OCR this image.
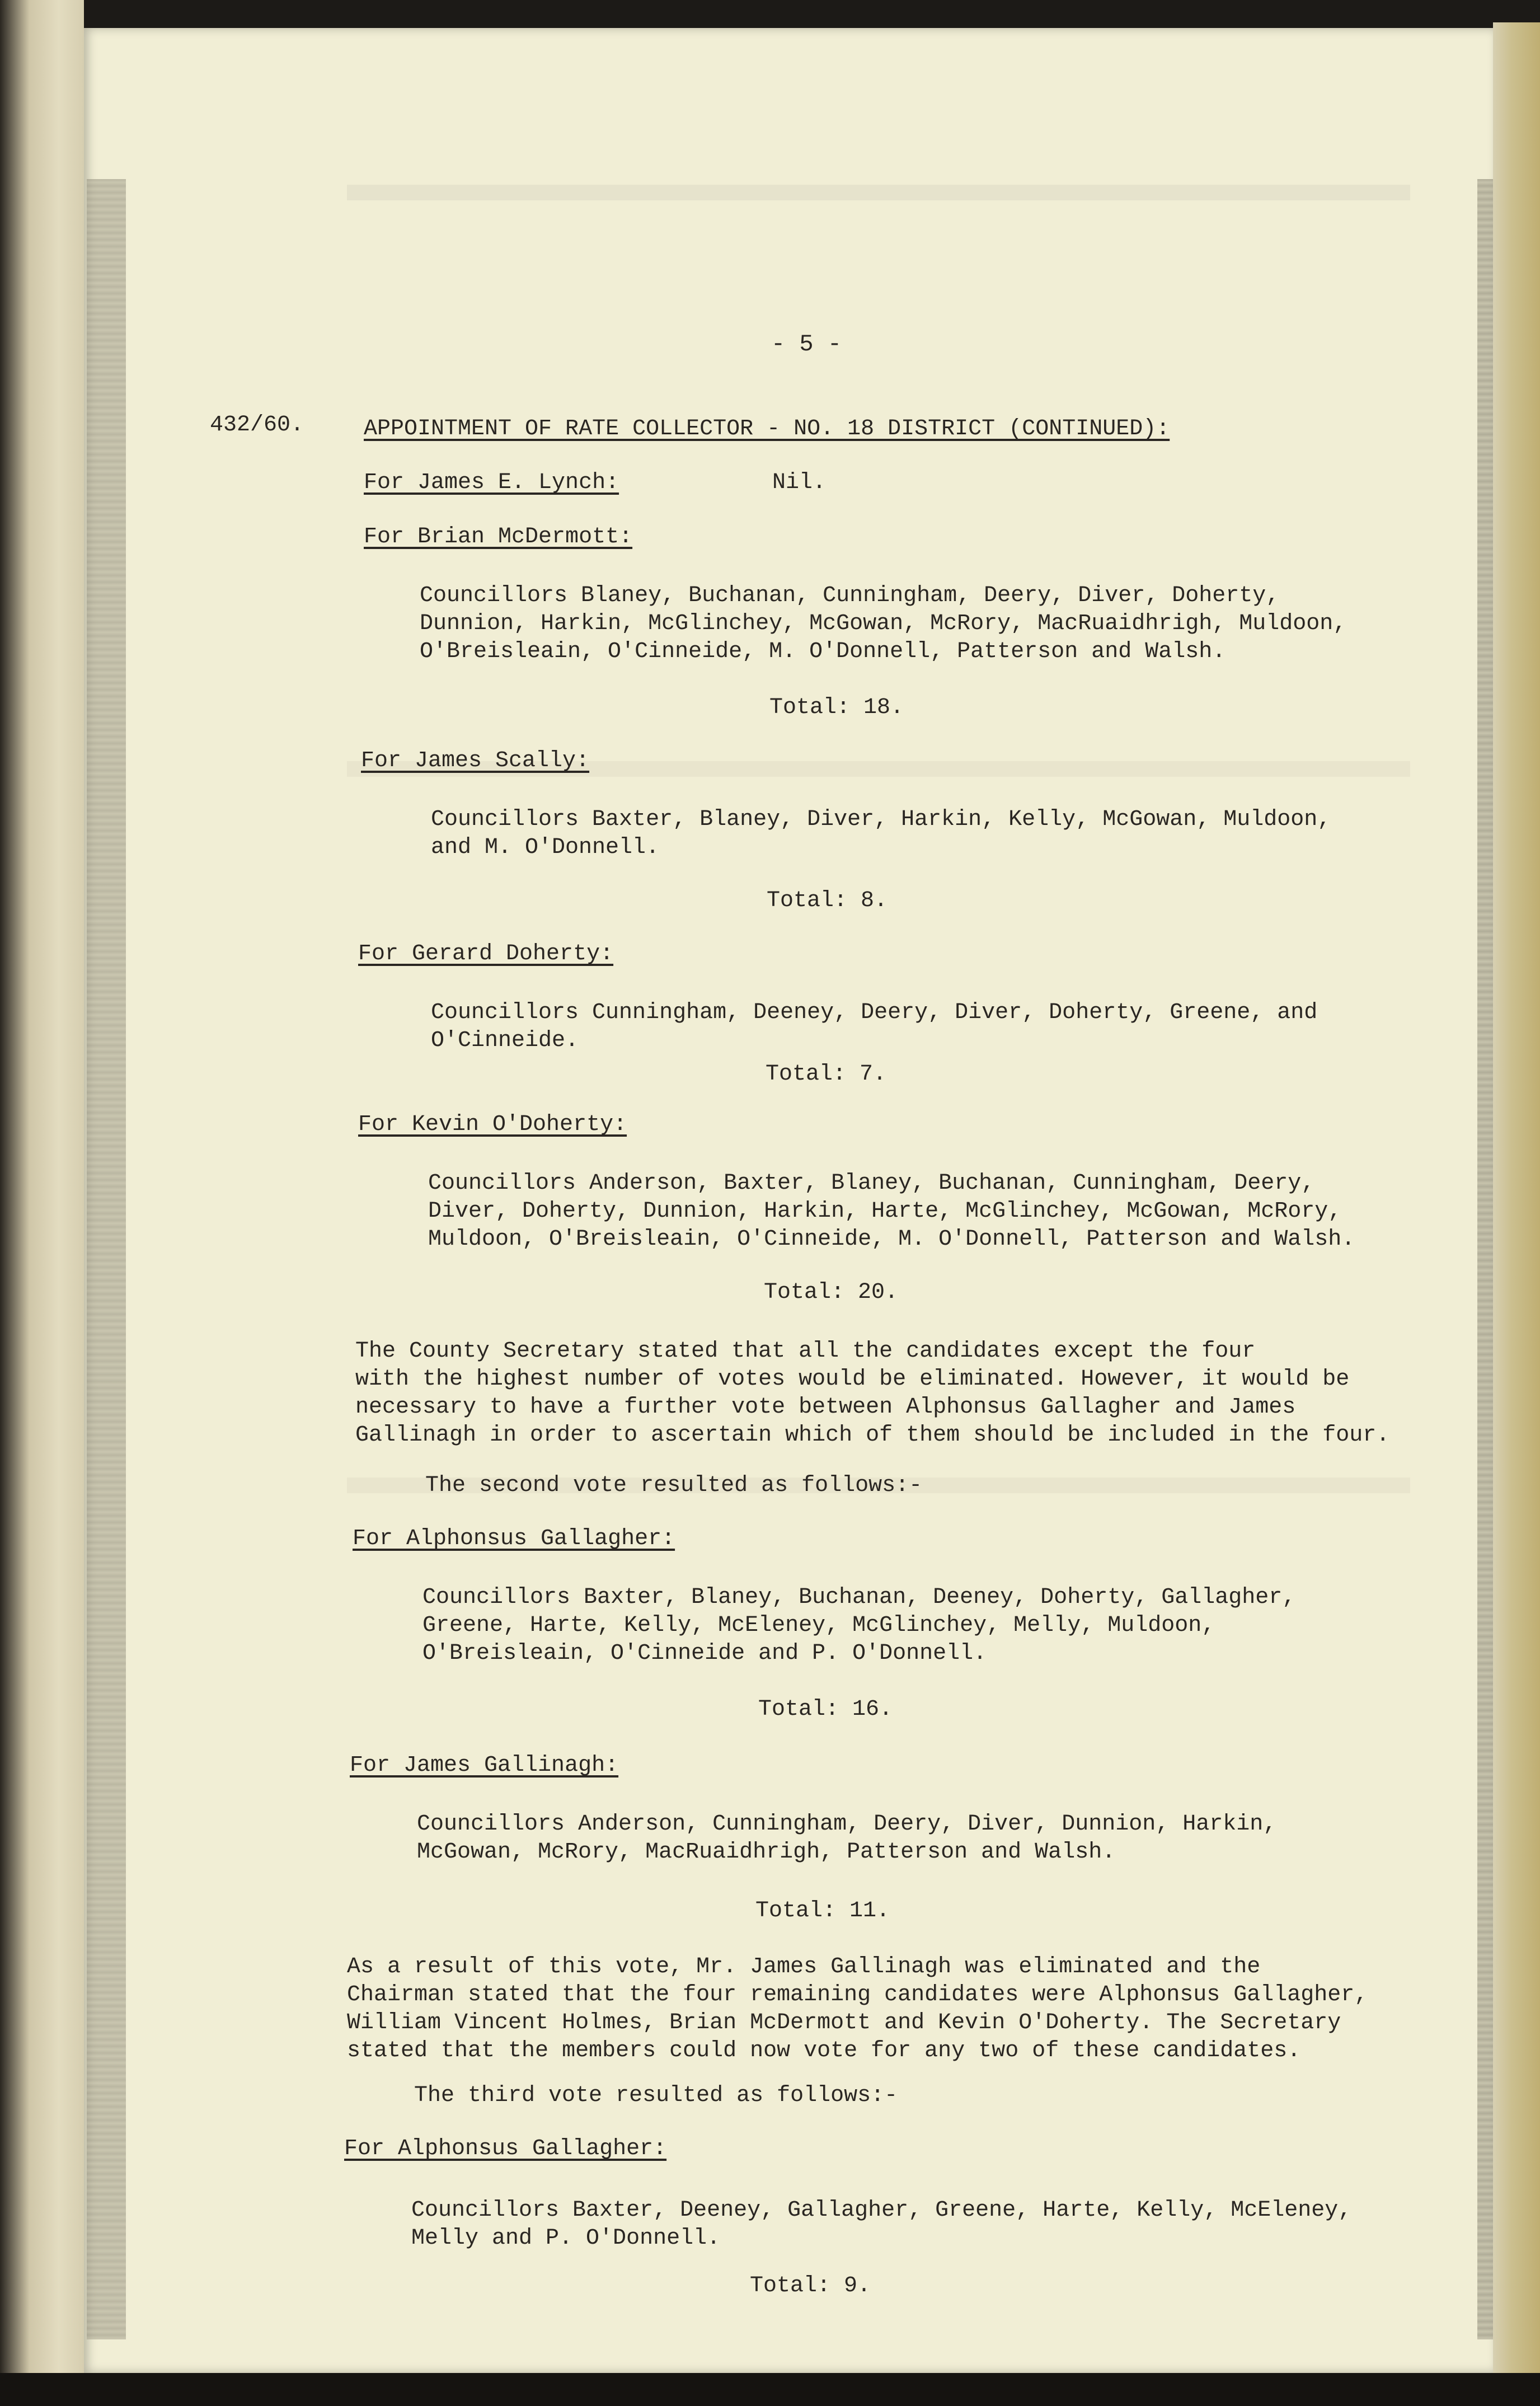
- 5 -
432/60.	APPOINTMENT OF RATE COLLECTOR - NO. 18 DISTRICT (CONTINUED):
For James E. Lynch:	Nil.
For Brian McDermott:
Councillors Blaney, Buchanan, Cunningham, Deery, Diver, Doherty,
Dunnion, Harkin, McGlinchey, McGowan, McRory, MacRuaidhrigh, Muldoon,
O'Breisleain, O'Cinneide, M. O'Donnell, Patterson and Walsh.
Total: 18.
For James Scally:
Councillors Baxter, Blaney, Diver, Harkin, Kelly, McGowan, Muldoon,
and M. O'Donnell.
Total: 8.
For Gerard Doherty:
Councillors Cunningham, Deeney, Deery, Diver, Doherty, Greene, and
O'Cinneide.
Total: 7.
For Kevin O'Doherty:
Councillors Anderson, Baxter, Blaney, Buchanan, Cunningham, Deery,
Diver, Doherty, Dunnion, Harkin, Harte, McGlinchey, McGowan, McRory,
Muldoon, O'Breisleain, O'Cinneide, M. O'Donnell, Patterson and Walsh.
Total: 20.
The County Secretary stated that all the candidates except the four
with the highest number of votes would be eliminated. However, it would be
necessary to have a further vote between Alphonsus Gallagher and James
Gallinagh in order to ascertain which of them should be included in the four.
The second vote resulted as follows:-
For Alphonsus Gallagher:
Councillors Baxter, Blaney, Buchanan, Deeney, Doherty, Gallagher,
Greene, Harte, Kelly, McEleney, McGlinchey, Melly, Muldoon,
O'Breisleain, O'Cinneide and P. O'Donnell.
Total: 16.
For James Gallinagh:
Councillors Anderson, Cunningham, Deery, Diver, Dunnion, Harkin,
McGowan, McRory, MacRuaidhrigh, Patterson and Walsh.
Total: 11.
As a result of this vote, Mr. James Gallinagh was eliminated and the
Chairman stated that the four remaining candidates were Alphonsus Gallagher,
William Vincent Holmes, Brian McDermott and Kevin O'Doherty. The Secretary
stated that the members could now vote for any two of these candidates.
The third vote resulted as follows:-
For Alphonsus Gallagher:
Councillors Baxter, Deeney, Gallagher, Greene, Harte, Kelly, McEleney,
Melly and P. O'Donnell.
Total: 9.
